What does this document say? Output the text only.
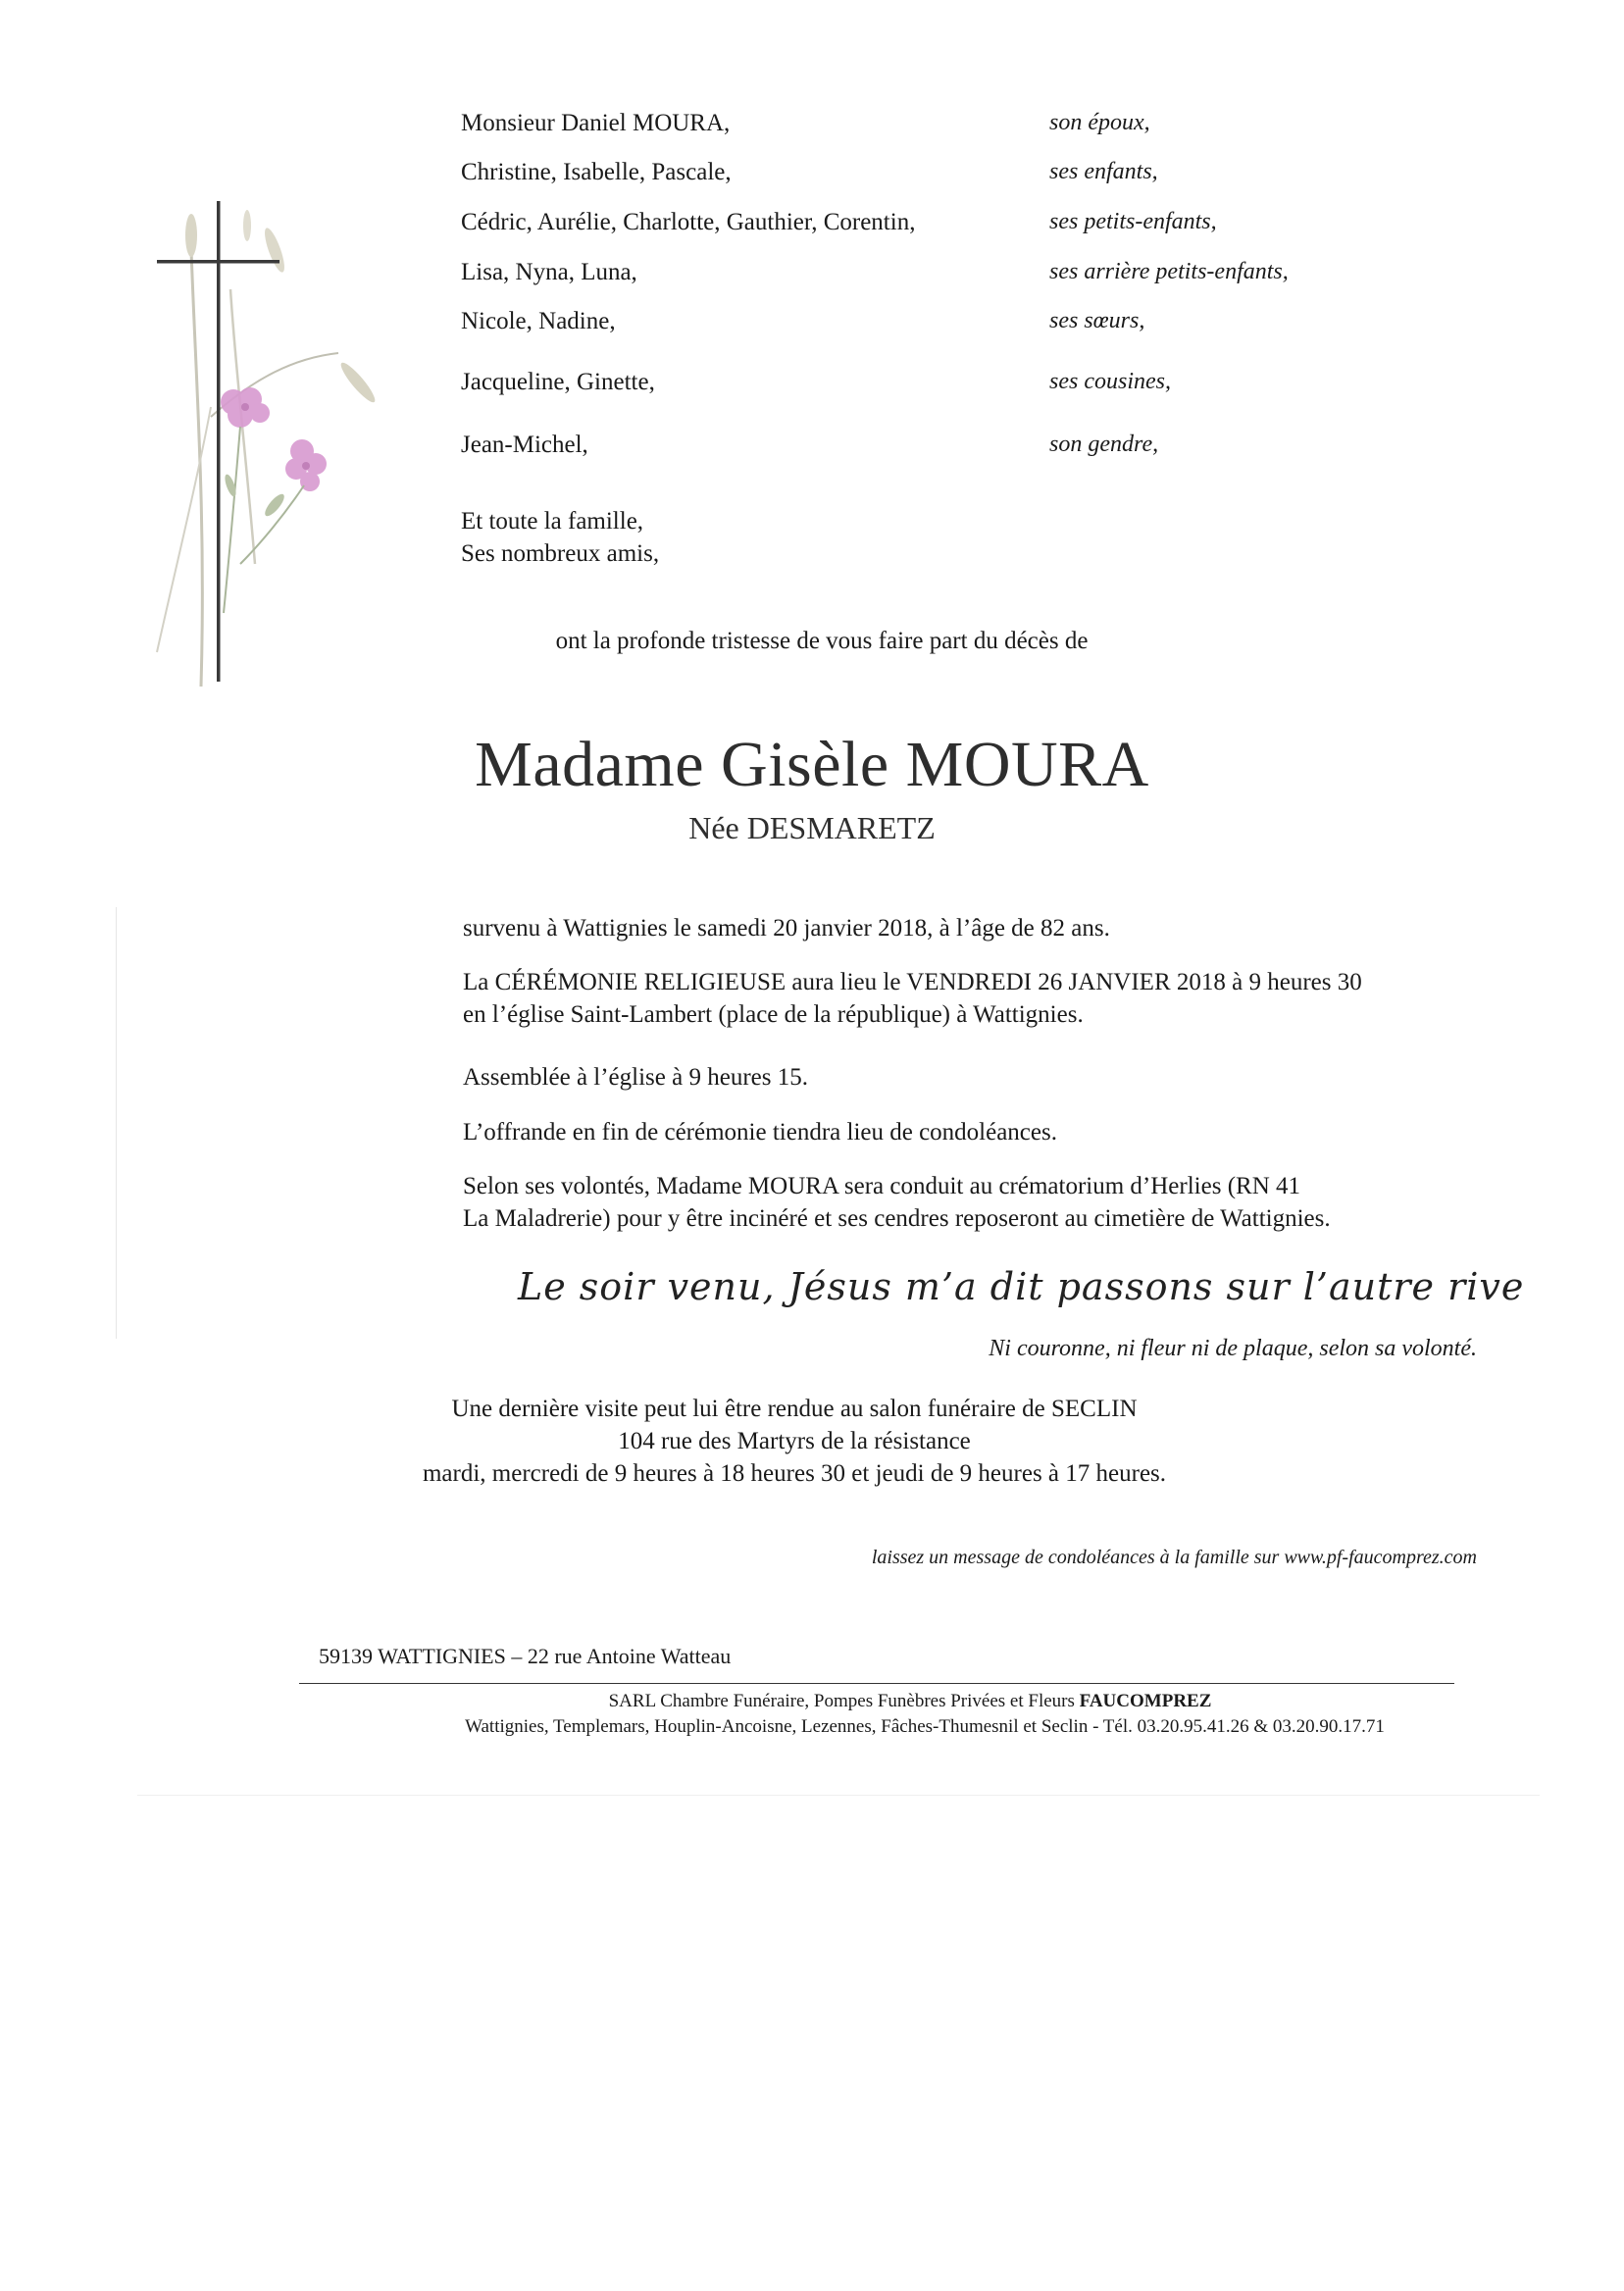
Monsieur Daniel MOURA,	son époux,
Christine, Isabelle, Pascale,	ses enfants,
Cédric, Aurélie, Charlotte, Gauthier, Corentin,	ses petits-enfants,
Lisa, Nyna, Luna,	ses arrière petits-enfants,
Nicole, Nadine,	ses sœurs,
Jacqueline, Ginette,	ses cousines,
Jean-Michel,	son gendre,
Et toute la famille,
Ses nombreux amis,
ont la profonde tristesse de vous faire part du décès de
Madame Gisèle MOURA
Née DESMARETZ
survenu à Wattignies le samedi 20 janvier 2018, à l’âge de 82 ans.
La CÉRÉMONIE RELIGIEUSE aura lieu le VENDREDI 26 JANVIER 2018 à 9 heures 30
en l’église Saint-Lambert (place de la république) à Wattignies.
Assemblée à l’église à 9 heures 15.
L’offrande en fin de cérémonie tiendra lieu de condoléances.
Selon ses volontés, Madame MOURA sera conduit au crématorium d’Herlies (RN 41
La Maladrerie) pour y être incinéré et ses cendres reposeront au cimetière de Wattignies.
Le soir venu, Jésus m’a dit passons sur l’autre rive
Ni couronne, ni fleur ni de plaque, selon sa volonté.
Une dernière visite peut lui être rendue au salon funéraire de SECLIN
104 rue des Martyrs de la résistance
mardi, mercredi de 9 heures à 18 heures 30 et jeudi de 9 heures à 17 heures.
laissez un message de condoléances à la famille sur www.pf-faucomprez.com
59139 WATTIGNIES – 22 rue Antoine Watteau
SARL Chambre Funéraire, Pompes Funèbres Privées et Fleurs FAUCOMPREZ
Wattignies, Templemars, Houplin-Ancoisne, Lezennes, Fâches-Thumesnil et Seclin - Tél. 03.20.95.41.26 & 03.20.90.17.71
